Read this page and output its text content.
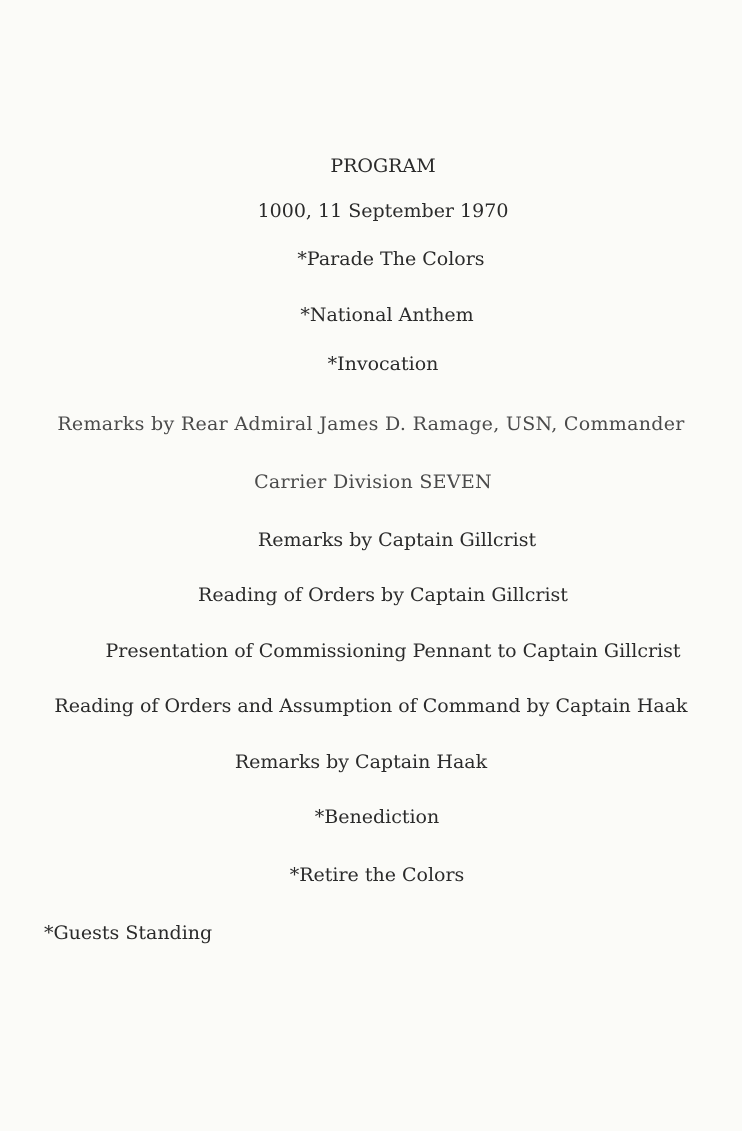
PROGRAM
1000, 11 September 1970
*Parade The Colors
*National Anthem
*Invocation
Remarks by Rear Admiral James D. Ramage, USN, Commander
Carrier Division SEVEN
Remarks by Captain Gillcrist
Reading of Orders by Captain Gillcrist
Presentation of Commissioning Pennant to Captain Gillcrist
Reading of Orders and Assumption of Command by Captain Haak
Remarks by Captain Haak
*Benediction
*Retire the Colors
*Guests Standing
